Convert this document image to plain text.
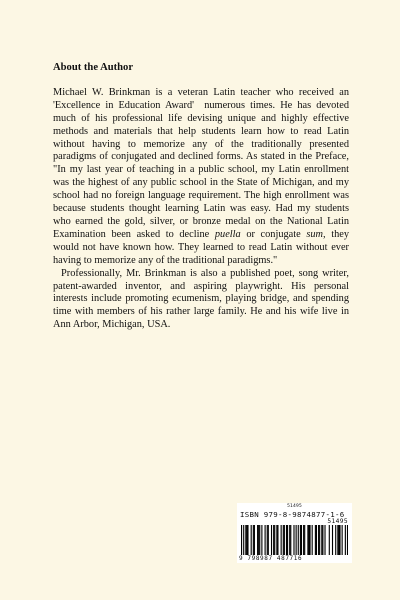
About the Author

Michael W. Brinkman is a veteran Latin teacher who received an 'Excellence in Education Award' numerous times. He has devoted much of his professional life devising unique and highly effective methods and materials that help students learn how to read Latin without having to memorize any of the traditionally presented paradigms of conjugated and declined forms. As stated in the Preface, "In my last year of teaching in a public school, my Latin enrollment was the highest of any public school in the State of Michigan, and my school had no foreign language requirement. The high enrollment was because students thought learning Latin was easy. Had my students who earned the gold, silver, or bronze medal on the National Latin Examination been asked to decline puella or conjugate sum, they would not have known how. They learned to read Latin without ever having to memorize any of the traditional paradigms."

Professionally, Mr. Brinkman is also a published poet, song writer, patent-awarded inventor, and aspiring playwright. His personal interests include promoting ecumenism, playing bridge, and spending time with members of his rather large family. He and his wife live in Ann Arbor, Michigan, USA.

51495
ISBN 979-8-9874877-1-6
51495
9 798987 487716
